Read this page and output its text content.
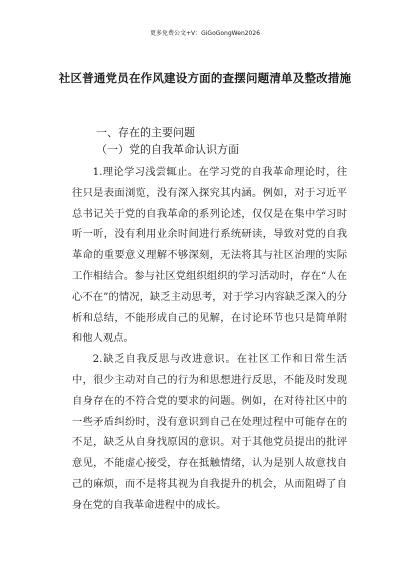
更多免费公文+V：GiGoGongWen2026
社区普通党员在作风建设方面的查摆问题清单及整改措施
一、存在的主要问题
（一）党的自我革命认识方面

1.理论学习浅尝辄止。在学习党的自我革命理论时，往往只是表面浏览，没有深入探究其内涵。例如，对于习近平总书记关于党的自我革命的系列论述，仅仅是在集中学习时听一听，没有利用业余时间进行系统研读，导致对党的自我革命的重要意义理解不够深刻，无法将其与社区治理的实际工作相结合。参与社区党组织组织的学习活动时，存在“人在心不在”的情况，缺乏主动思考，对于学习内容缺乏深入的分析和总结，不能形成自己的见解，在讨论环节也只是简单附和他人观点。

2.缺乏自我反思与改进意识。在社区工作和日常生活中，很少主动对自己的行为和思想进行反思，不能及时发现自身存在的不符合党的要求的问题。例如，在对待社区中的一些矛盾纠纷时，没有意识到自己在处理过程中可能存在的不足，缺乏从自身找原因的意识。对于其他党员提出的批评意见，不能虚心接受，存在抵触情绪，认为是别人故意找自己的麻烦，而不是将其视为自我提升的机会，从而阻碍了自身在党的自我革命进程中的成长。
